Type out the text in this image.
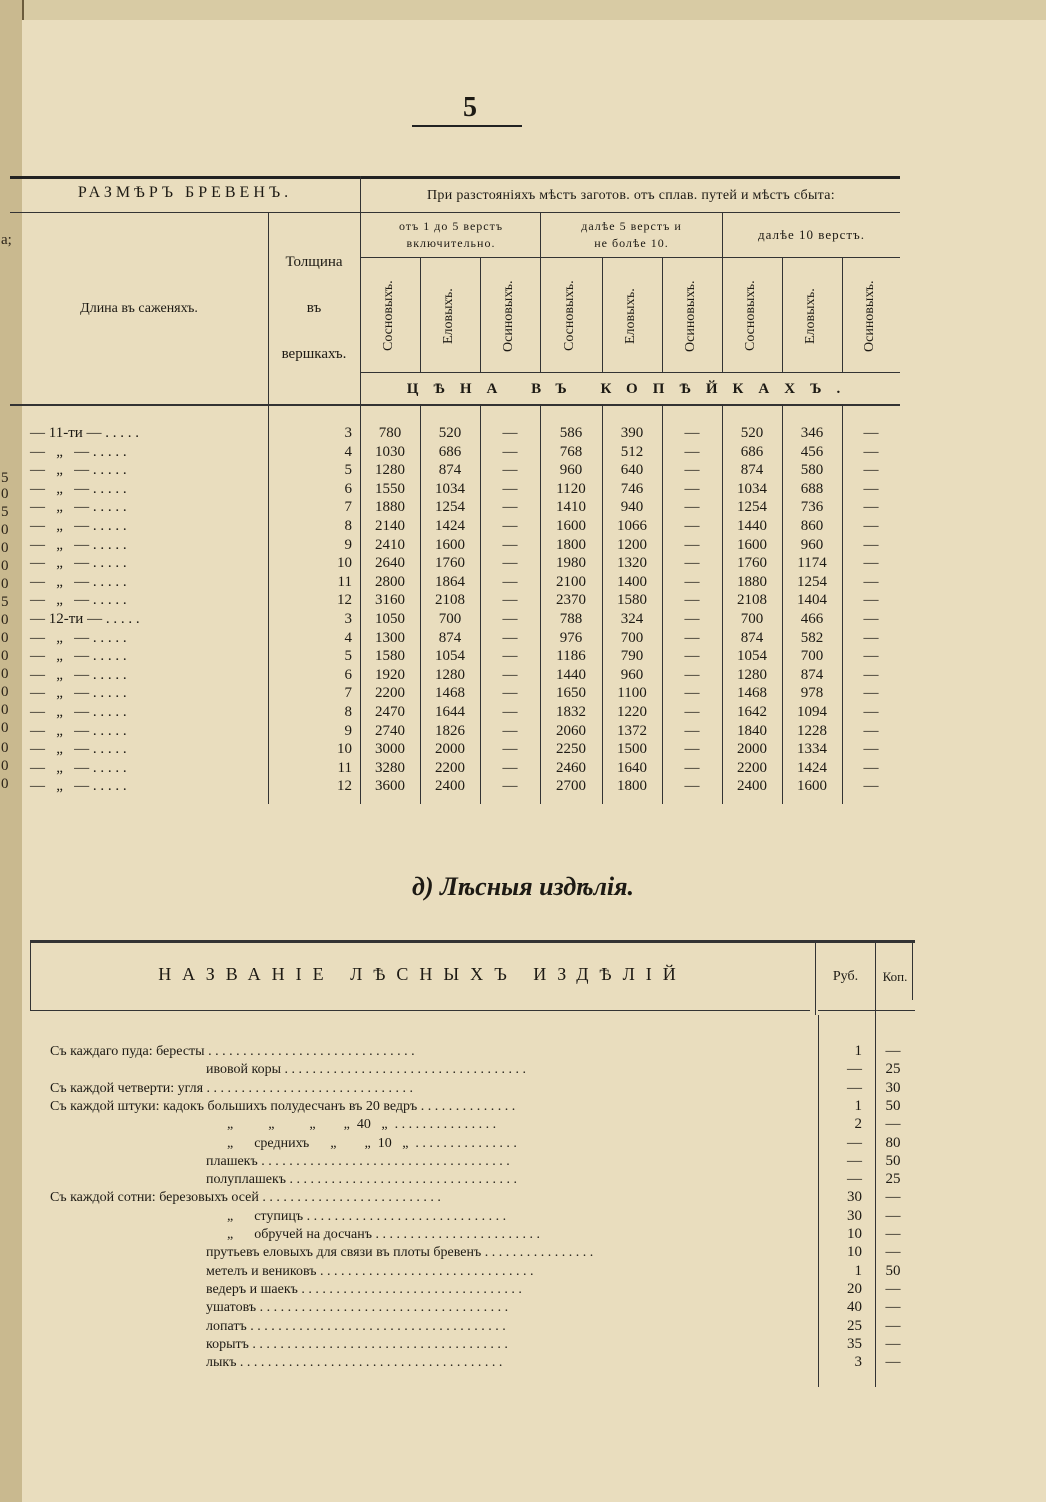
а;
5
0
5
0
0
0
0
5
0
0
0
0
0
0
0
0
0
0
5
РАЗМѢРЪ БРЕВЕНЪ.	При разстояніяхъ мѣстъ заготов. отъ сплав. путей и мѣстъ сбыта:
Длина въ саженяхъ.
Толщина
въ
вершкахъ.
отъ 1 до 5 верстъ
включительно.
далѣе 5 верстъ и
не болѣе 10.
далѣе 10 верстъ.
Сосновыхъ.	Еловыхъ.	Осиновыхъ.	Сосновыхъ.	Еловыхъ.	Осиновыхъ.	Сосновыхъ.	Еловыхъ.	Осиновыхъ.
ЦѢНА ВЪ КОПѢЙКАХЪ.
— 11-ти — . . . . .	3	780	520	—	586	390	—	520	346	—
—   „   — . . . . .	4	1030	686	—	768	512	—	686	456	—
—   „   — . . . . .	5	1280	874	—	960	640	—	874	580	—
—   „   — . . . . .	6	1550	1034	—	1120	746	—	1034	688	—
—   „   — . . . . .	7	1880	1254	—	1410	940	—	1254	736	—
—   „   — . . . . .	8	2140	1424	—	1600	1066	—	1440	860	—
—   „   — . . . . .	9	2410	1600	—	1800	1200	—	1600	960	—
—   „   — . . . . .	10	2640	1760	—	1980	1320	—	1760	1174	—
—   „   — . . . . .	11	2800	1864	—	2100	1400	—	1880	1254	—
—   „   — . . . . .	12	3160	2108	—	2370	1580	—	2108	1404	—
— 12-ти — . . . . .	3	1050	700	—	788	324	—	700	466	—
—   „   — . . . . .	4	1300	874	—	976	700	—	874	582	—
—   „   — . . . . .	5	1580	1054	—	1186	790	—	1054	700	—
—   „   — . . . . .	6	1920	1280	—	1440	960	—	1280	874	—
—   „   — . . . . .	7	2200	1468	—	1650	1100	—	1468	978	—
—   „   — . . . . .	8	2470	1644	—	1832	1220	—	1642	1094	—
—   „   — . . . . .	9	2740	1826	—	2060	1372	—	1840	1228	—
—   „   — . . . . .	10	3000	2000	—	2250	1500	—	2000	1334	—
—   „   — . . . . .	11	3280	2200	—	2460	1640	—	2200	1424	—
—   „   — . . . . .	12	3600	2400	—	2700	1800	—	2400	1600	—
д) Лѣсныя издѣлія.
НАЗВАНІЕ ЛѢСНЫХЪ ИЗДѢЛІЙ	Руб.	Коп.
Съ каждаго пуда: бересты . . . . . . . . . . . . . . . . . . . . . . . . . . . . . .	1	—
ивовой коры . . . . . . . . . . . . . . . . . . . . . . . . . . . . . . . . . . .	—	25
Съ каждой четверти: угля . . . . . . . . . . . . . . . . . . . . . . . . . . . . . .	—	30
Съ каждой штуки: кадокъ большихъ полудесчанъ въ 20 ведръ . . . . . . . . . . . . . .	1	50
„          „          „        „  40   „  . . . . . . . . . . . . . . .	2	—
„      среднихъ      „        „  10   „  . . . . . . . . . . . . . . .	—	80
плашекъ . . . . . . . . . . . . . . . . . . . . . . . . . . . . . . . . . . . .	—	50
полуплашекъ . . . . . . . . . . . . . . . . . . . . . . . . . . . . . . . . .	—	25
Съ каждой сотни: березовыхъ осей . . . . . . . . . . . . . . . . . . . . . . . . . .	30	—
„      ступицъ . . . . . . . . . . . . . . . . . . . . . . . . . . . . .	30	—
„      обручей на досчанъ . . . . . . . . . . . . . . . . . . . . . . . .	10	—
прутьевъ еловыхъ для связи въ плоты бревенъ . . . . . . . . . . . . . . . .	10	—
метелъ и вениковъ . . . . . . . . . . . . . . . . . . . . . . . . . . . . . . .	1	50
ведеръ и шаекъ . . . . . . . . . . . . . . . . . . . . . . . . . . . . . . . .	20	—
ушатовъ . . . . . . . . . . . . . . . . . . . . . . . . . . . . . . . . . . . .	40	—
лопатъ . . . . . . . . . . . . . . . . . . . . . . . . . . . . . . . . . . . . .	25	—
корытъ . . . . . . . . . . . . . . . . . . . . . . . . . . . . . . . . . . . . .	35	—
лыкъ . . . . . . . . . . . . . . . . . . . . . . . . . . . . . . . . . . . . . .	3	—
